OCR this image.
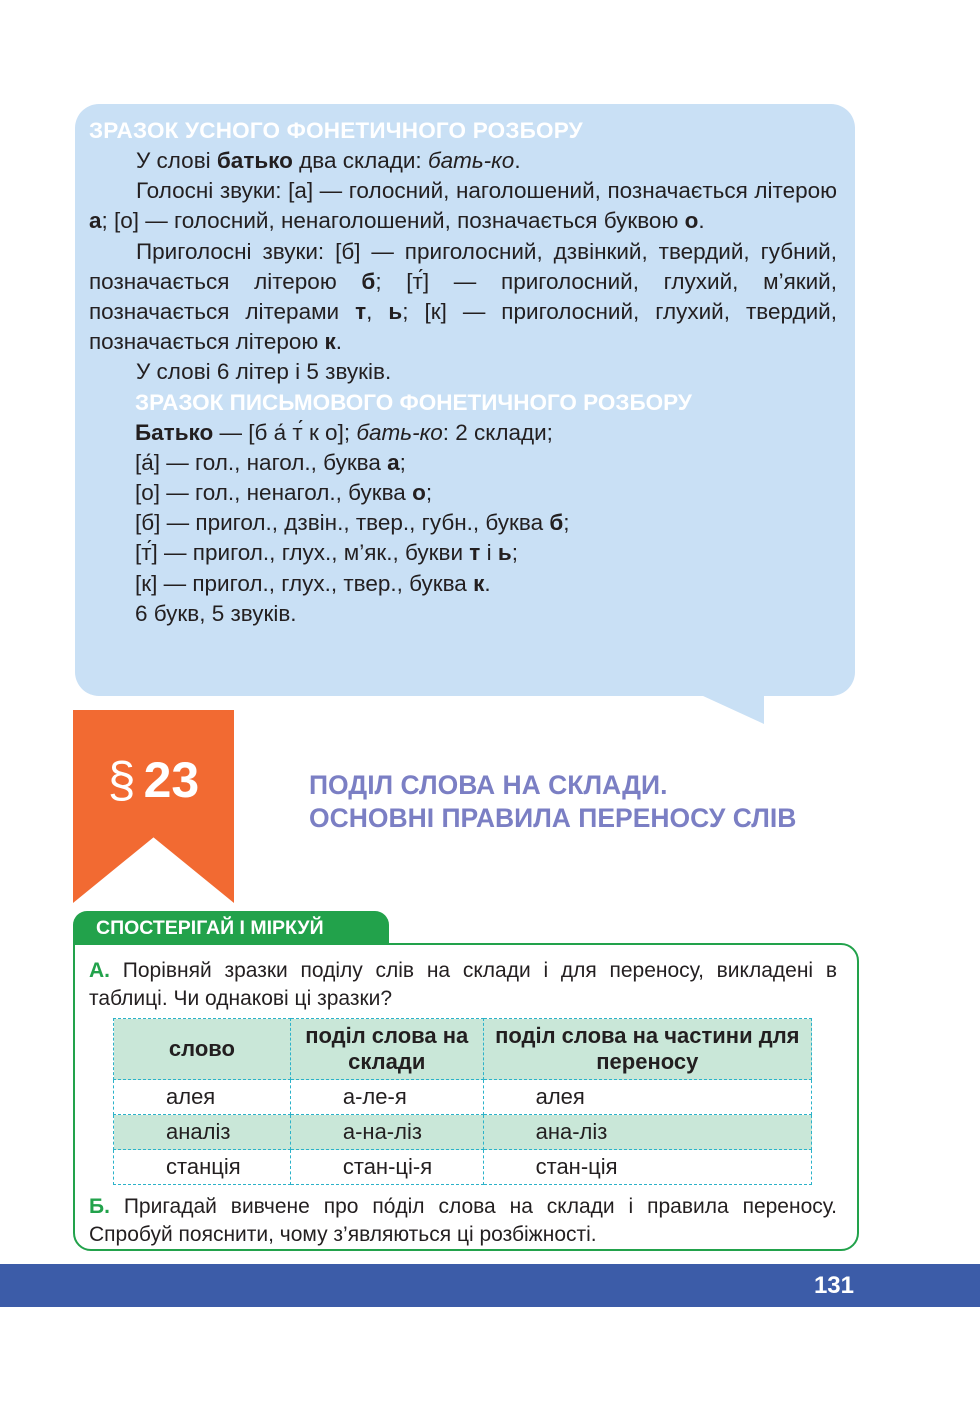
ЗРАЗОК УСНОГО ФОНЕТИЧНОГО РОЗБОРУ

У слові батько два склади: бать-ко.

Голосні звуки: [а] — голосний, наголошений, позначається літерою а; [о] — голосний, ненаголошений, позначається буквою о.

Приголосні звуки: [б] — приголосний, дзвінкий, твердий, губний, позначається літерою б; [т́] — приголосний, глухий, м’який, позначається літерами т, ь; [к] — приголосний, глухий, твердий, позначається літерою к.

У слові 6 літер і 5 звуків.

ЗРАЗОК ПИСЬМОВОГО ФОНЕТИЧНОГО РОЗБОРУ

Батько — [б а́ т́ к о]; бать-ко: 2 склади;

[а́] — гол., нагол., буква а;

[о] — гол., ненагол., буква о;

[б] — пригол., дзвін., твер., губн., буква б;

[т́] — пригол., глух., м’як., букви т і ь;

[к] — пригол., глух., твер., буква к.

6 букв, 5 звуків.

§ 23	ПОДІЛ СЛОВА НА СКЛАДИ.
ОСНОВНІ ПРАВИЛА ПЕРЕНОСУ СЛІВ
СПОСТЕРІГАЙ І МІРКУЙ
А. Порівняй зразки поділу слів на склади і для переносу, викладені в таблиці. Чи однакові ці зразки?
слово	поділ слова на склади	поділ слова на частини для переносу
алея	а-ле-я	алея
аналіз	а-на-ліз	ана-ліз
станція	стан-ці-я	стан-ція
Б. Пригадай вивчене про по́діл слова на склади і правила переносу. Спробуй пояснити, чому з’являються ці розбіжності.
131
